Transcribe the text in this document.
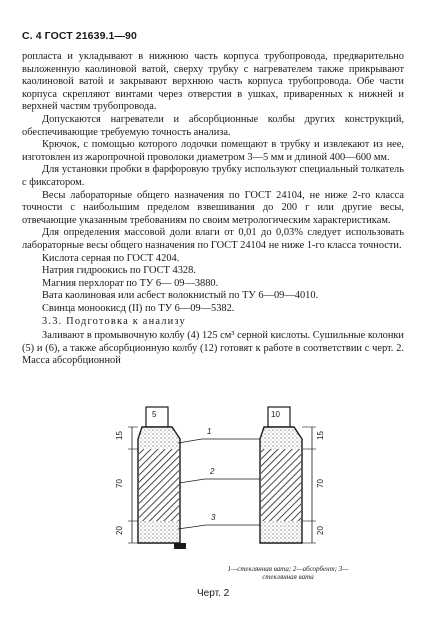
С. 4 ГОСТ 21639.1—90

ропласта и укладывают в нижнюю часть корпуса трубопровода, предварительно выложенную каолиновой ватой, сверху трубку с нагревателем также прикрывают каолиновой ватой и закрывают верхнюю часть корпуса трубопровода. Обе части корпуса скрепляют винтами через отверстия в ушках, приваренных к нижней и верхней частям трубопровода.

Допускаются нагреватели и абсорбционные колбы других конструкций, обеспечивающие требуемую точность анализа.

Крючок, с помощью которого лодочки помещают в трубку и извлекают из нее, изготовлен из жаропрочной проволоки диаметром 3—5 мм и длиной 400—600 мм.

Для установки пробки в фарфоровую трубку используют специальный толкатель с фиксатором.

Весы лабораторные общего назначения по ГОСТ 24104, не ниже 2-го класса точности с наибольшим пределом взвешивания до 200 г или другие весы, отвечающие указанным требованиям по своим метрологическим характеристикам.

Для определения массовой доли влаги от 0,01 до 0,03% следует использовать лабораторные весы общего назначения по ГОСТ 24104 не ниже 1-го класса точности.

Кислота серная по ГОСТ 4204.

Натрия гидроокись по ГОСТ 4328.

Магния перхлорат по ТУ 6— 09—3880.

Вата каолиновая или асбест волокнистый по ТУ 6—09—4010.

Свинца моноокисд (II) по ТУ 6—09—5382.

3.3. Подготовка к анализу

Заливают в промывочную колбу (4) 125 см³ серной кислоты. Сушильные колонки (5) и (6), а также абсорбционную колбу (12) готовят к работе в соответствии с черт. 2. Масса абсорбционной

5	10
1
2
3
15
70
20
15
70
20
1—стеклянная вата; 2—абсорбент; 3—стеклянная вата
Черт. 2
